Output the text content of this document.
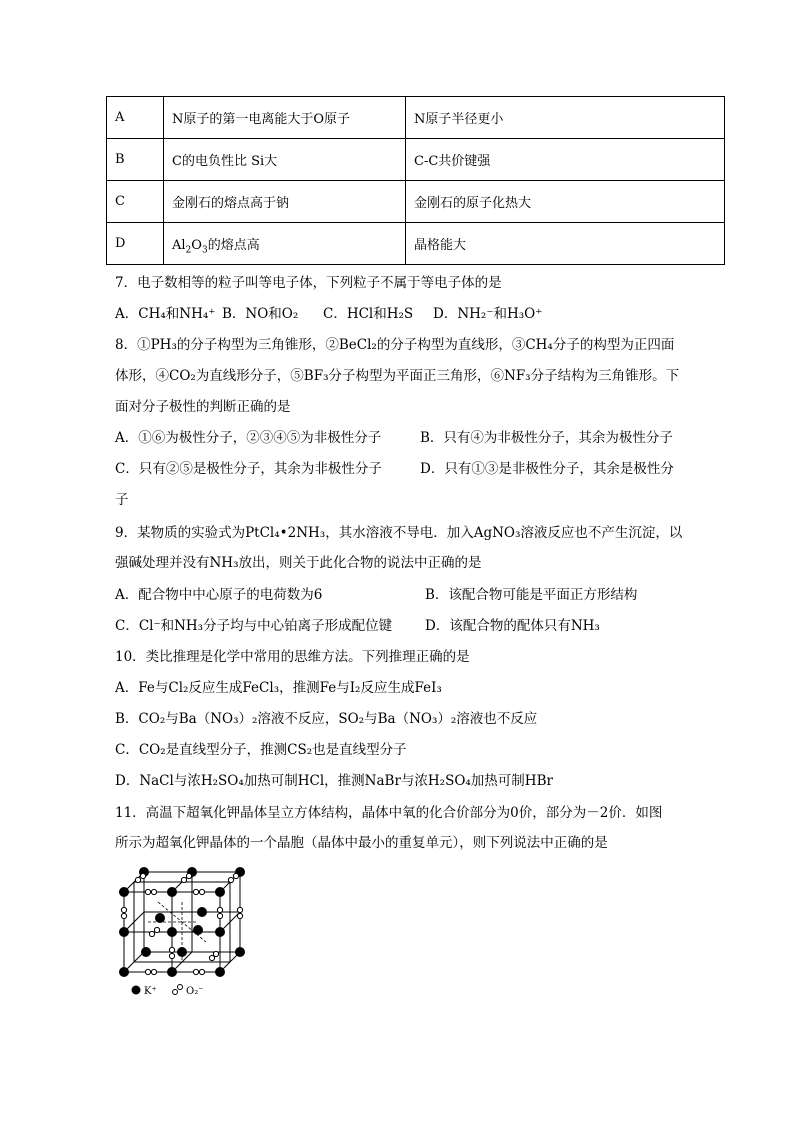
A	N原子的第一电离能大于O原子	N原子半径更小
B	C的电负性比 Si大	C-C共价键强
C	金刚石的熔点高于钠	金刚石的原子化热大
D	$Al_2O_3$的熔点高	晶格能大
7．电子数相等的粒子叫等电子体，下列粒子不属于等电子体的是
A．CH₄和NH₄⁺ B．NO和O₂ C．HCl和H₂S D．NH₂⁻和H₃O⁺
8．①PH₃的分子构型为三角锥形，②BeCl₂的分子构型为直线形，③CH₄分子的构型为正四面
体形，④CO₂为直线形分子，⑤BF₃分子构型为平面正三角形，⑥NF₃分子结构为三角锥形。下
面对分子极性的判断正确的是
A．①⑥为极性分子，②③④⑤为非极性分子	B．只有④为非极性分子，其余为极性分子
C．只有②⑤是极性分子，其余为非极性分子	D．只有①③是非极性分子，其余是极性分
子
9．某物质的实验式为PtCl₄•2NH₃，其水溶液不导电．加入AgNO₃溶液反应也不产生沉淀，以
强碱处理并没有NH₃放出，则关于此化合物的说法中正确的是
A．配合物中中心原子的电荷数为6	B．该配合物可能是平面正方形结构
C．Cl⁻和NH₃分子均与中心铂离子形成配位键 D．该配合物的配体只有NH₃
10．类比推理是化学中常用的思维方法。下列推理正确的是
A．Fe与Cl₂反应生成FeCl₃，推测Fe与I₂反应生成FeI₃
B．CO₂与Ba（NO₃）₂溶液不反应，SO₂与Ba（NO₃）₂溶液也不反应
C．CO₂是直线型分子，推测CS₂也是直线型分子
D．NaCl与浓H₂SO₄加热可制HCl，推测NaBr与浓H₂SO₄加热可制HBr
11．高温下超氧化钾晶体呈立方体结构，晶体中氧的化合价部分为0价，部分为－2价．如图
所示为超氧化钾晶体的一个晶胞（晶体中最小的重复单元），则下列说法中正确的是
K⁺	O₂⁻
